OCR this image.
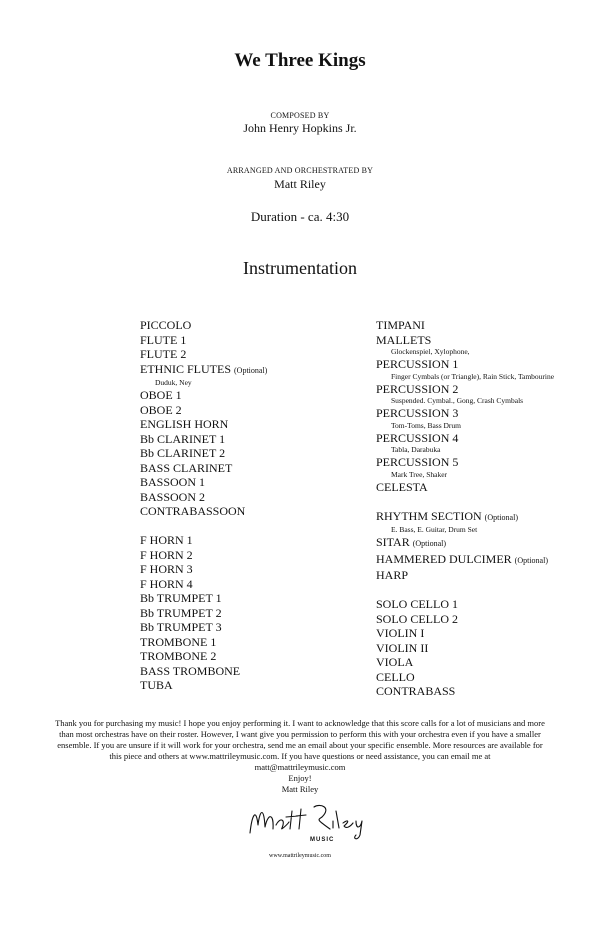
We Three Kings
COMPOSED BY
John Henry Hopkins Jr.
ARRANGED AND ORCHESTRATED BY
Matt Riley
Duration - ca. 4:30
Instrumentation
PICCOLO
FLUTE 1
FLUTE 2
ETHNIC FLUTES (Optional)
Duduk, Ney
OBOE 1
OBOE 2
ENGLISH HORN
Bb CLARINET 1
Bb CLARINET 2
BASS CLARINET
BASSOON 1
BASSOON 2
CONTRABASSOON
F HORN 1
F HORN 2
F HORN 3
F HORN 4
Bb TRUMPET 1
Bb TRUMPET 2
Bb TRUMPET 3
TROMBONE 1
TROMBONE 2
BASS TROMBONE
TUBA
TIMPANI
MALLETS
Glockenspiel, Xylophone,
PERCUSSION 1
Finger Cymbals (or Triangle), Rain Stick, Tambourine
PERCUSSION 2
Suspended. Cymbal., Gong, Crash Cymbals
PERCUSSION 3
Tom-Toms, Bass Drum
PERCUSSION 4
Tabla, Darabuka
PERCUSSION 5
Mark Tree, Shaker
CELESTA
RHYTHM SECTION (Optional)
E. Bass, E. Guitar, Drum Set
SITAR (Optional)
HAMMERED DULCIMER (Optional)
HARP
SOLO CELLO 1
SOLO CELLO 2
VIOLIN I
VIOLIN II
VIOLA
CELLO
CONTRABASS
Thank you for purchasing my music! I hope you enjoy performing it. I want to acknowledge that this score calls for a lot of musicians and more than most orchestras have on their roster. However, I want give you permission to perform this with your orchestra even if you have a smaller ensemble. If you are unsure if it will work for your orchestra, send me an email about your specific ensemble. More resources are available for this piece and others at www.mattrileymusic.com. If you have questions or need assistance, you can email me at
matt@mattrileymusic.com
Enjoy!
Matt Riley
MUSIC
www.mattrileymusic.com
